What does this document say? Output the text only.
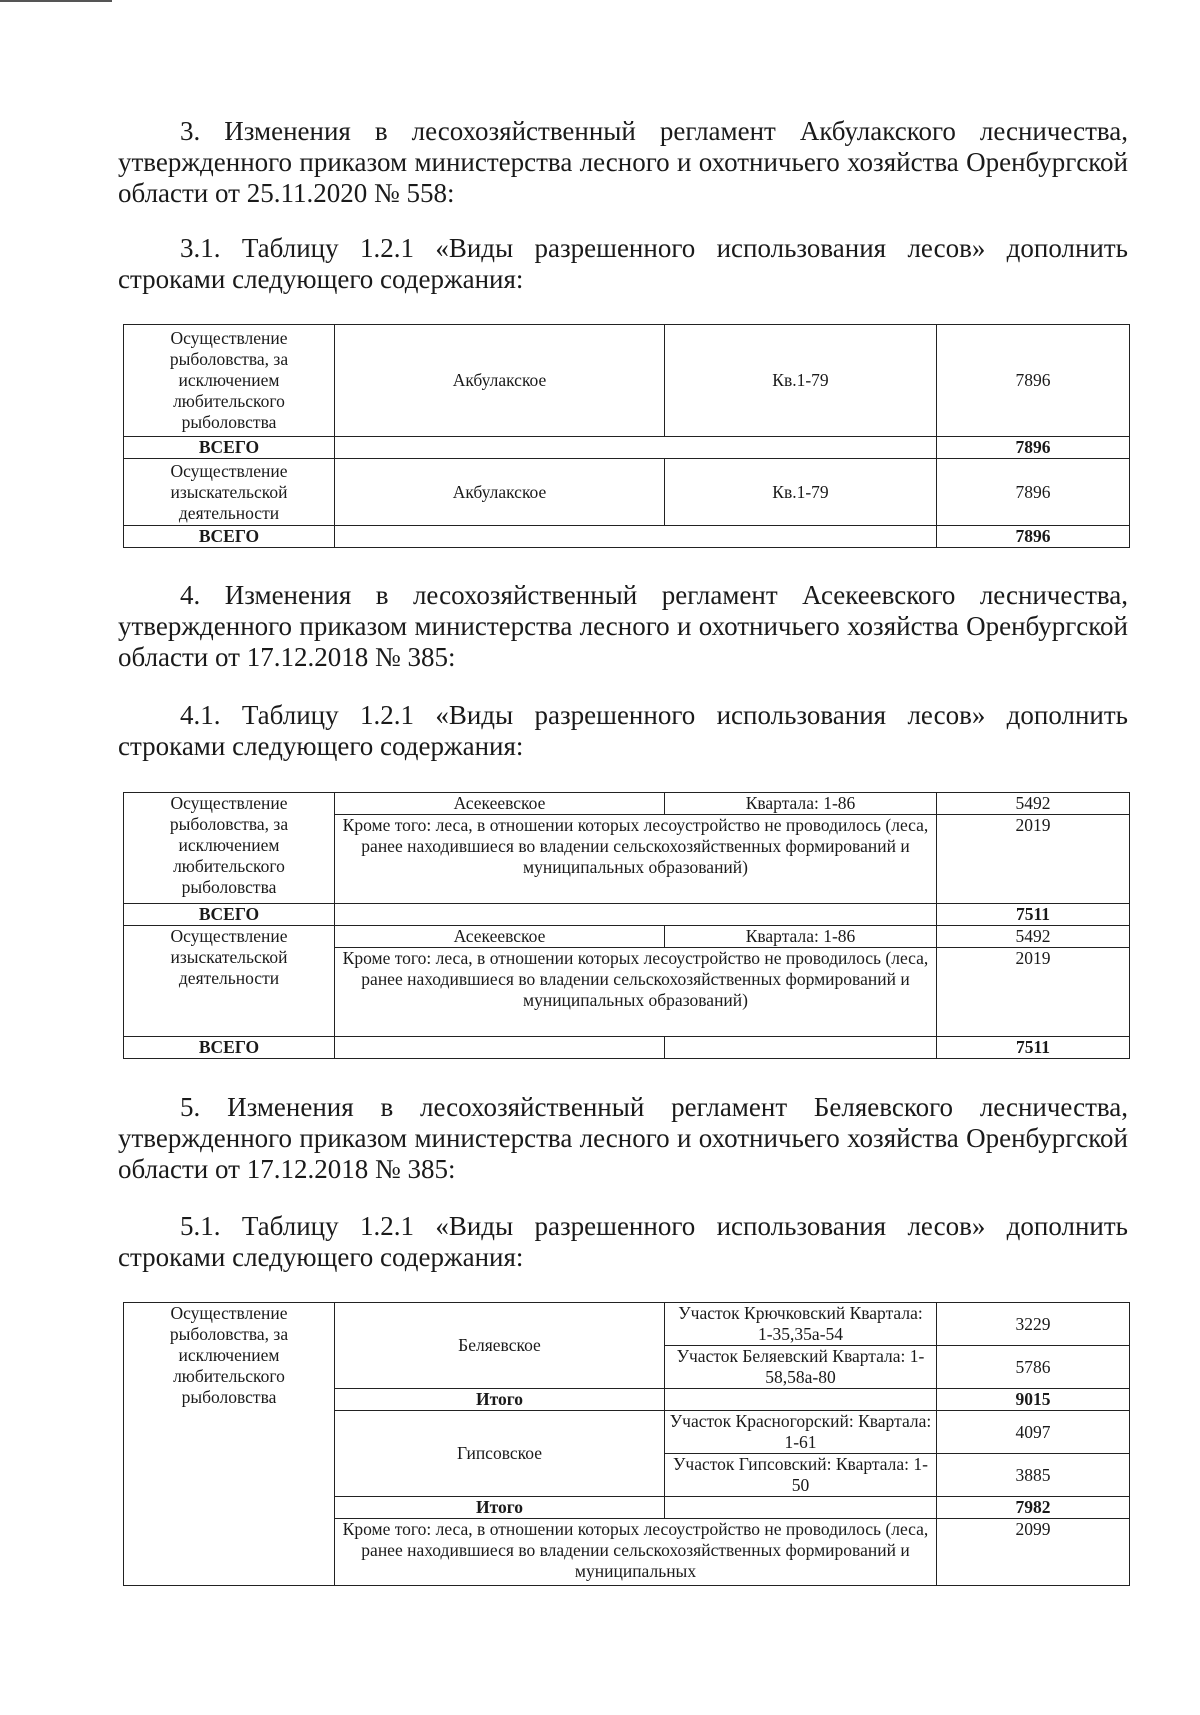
3. Изменения в лесохозяйственный регламент Акбулакского лесничества, утвержденного приказом министерства лесного и охотничьего хозяйства Оренбургской области от 25.11.2020 № 558:

3.1. Таблицу 1.2.1 «Виды разрешенного использования лесов» дополнить строками следующего содержания:

Осуществление рыболовства, за исключением любительского рыболовства	Акбулакское	Кв.1-79	7896
ВСЕГО			7896
Осуществление изыскательской деятельности	Акбулакское	Кв.1-79	7896
ВСЕГО			7896

4. Изменения в лесохозяйственный регламент Асекеевского лесничества, утвержденного приказом министерства лесного и охотничьего хозяйства Оренбургской области от 17.12.2018 № 385:

4.1. Таблицу 1.2.1 «Виды разрешенного использования лесов» дополнить строками следующего содержания:

Осуществление рыболовства, за исключением любительского рыболовства	Асекеевское	Квартала: 1-86	5492
	Кроме того: леса, в отношении которых лесоустройство не проводилось (леса, ранее находившиеся во владении сельскохозяйственных формирований и муниципальных образований)		2019
ВСЕГО			7511
Осуществление изыскательской деятельности	Асекеевское	Квартала: 1-86	5492
	Кроме того: леса, в отношении которых лесоустройство не проводилось (леса, ранее находившиеся во владении сельскохозяйственных формирований и муниципальных образований)		2019
ВСЕГО			7511

5. Изменения в лесохозяйственный регламент Беляевского лесничества, утвержденного приказом министерства лесного и охотничьего хозяйства Оренбургской области от 17.12.2018 № 385:

5.1. Таблицу 1.2.1 «Виды разрешенного использования лесов» дополнить строками следующего содержания:

Осуществление рыболовства, за исключением любительского рыболовства	Беляевское	Участок Крючковский Квартала: 1-35,35а-54	3229
		Участок Беляевский Квартала: 1-58,58а-80	5786
	Итого		9015
	Гипсовское	Участок Красногорский: Квартала: 1-61	4097
		Участок Гипсовский: Квартала: 1-50	3885
	Итого		7982
	Кроме того: леса, в отношении которых лесоустройство не проводилось (леса, ранее находившиеся во владении сельскохозяйственных формирований и муниципальных		2099
